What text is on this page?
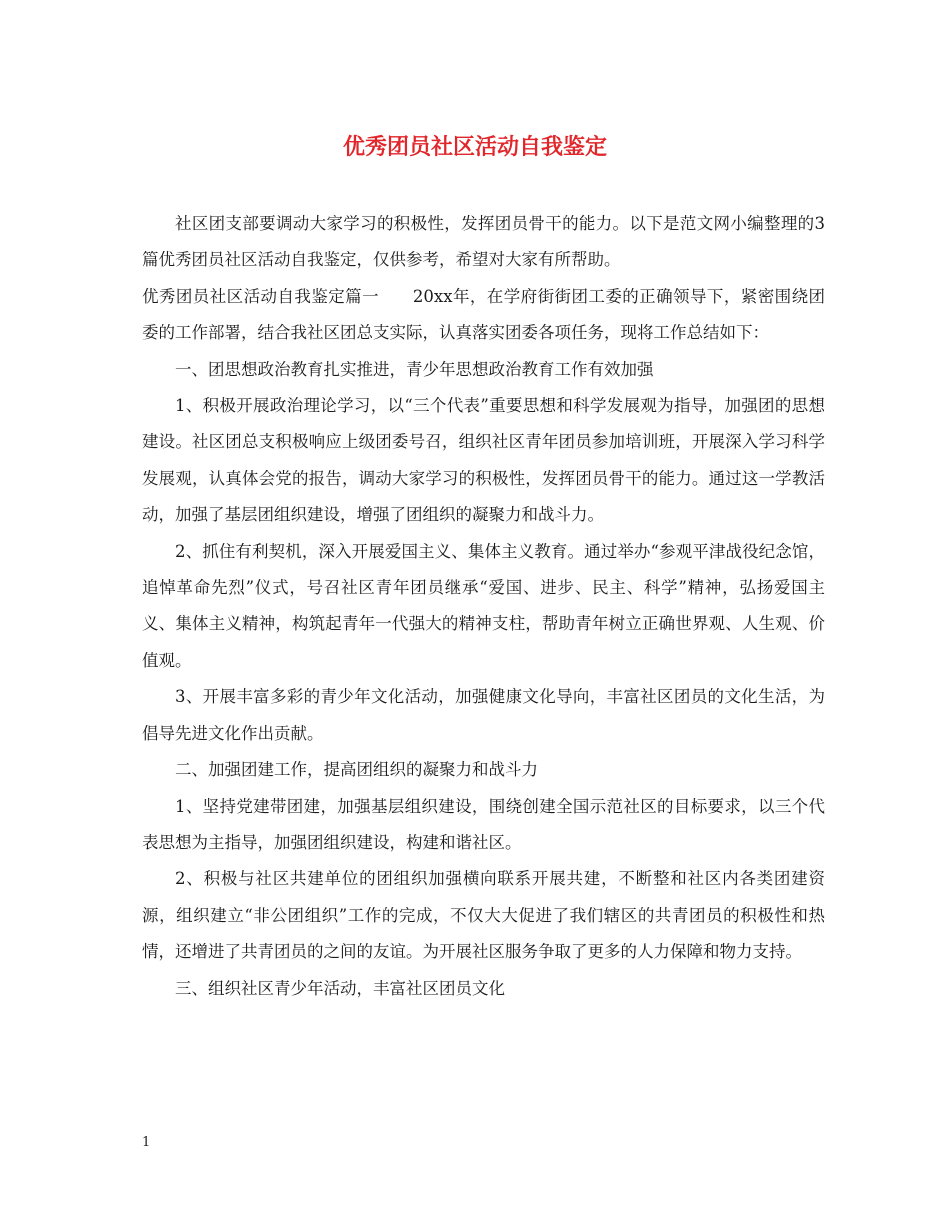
优秀团员社区活动自我鉴定

社区团支部要调动大家学习的积极性，发挥团员骨干的能力。以下是范文网小编整理的3篇优秀团员社区活动自我鉴定，仅供参考，希望对大家有所帮助。

优秀团员社区活动自我鉴定篇一　　20xx年，在学府街街团工委的正确领导下，紧密围绕团委的工作部署，结合我社区团总支实际，认真落实团委各项任务，现将工作总结如下：

一、团思想政治教育扎实推进，青少年思想政治教育工作有效加强

1、积极开展政治理论学习，以“三个代表”重要思想和科学发展观为指导，加强团的思想建设。社区团总支积极响应上级团委号召，组织社区青年团员参加培训班，开展深入学习科学发展观，认真体会党的报告，调动大家学习的积极性，发挥团员骨干的能力。通过这一学教活动，加强了基层团组织建设，增强了团组织的凝聚力和战斗力。

2、抓住有利契机，深入开展爱国主义、集体主义教育。通过举办“参观平津战役纪念馆，追悼革命先烈”仪式，号召社区青年团员继承“爱国、进步、民主、科学”精神，弘扬爱国主义、集体主义精神，构筑起青年一代强大的精神支柱，帮助青年树立正确世界观、人生观、价值观。

3、开展丰富多彩的青少年文化活动，加强健康文化导向，丰富社区团员的文化生活，为倡导先进文化作出贡献。

二、加强团建工作，提高团组织的凝聚力和战斗力

1、坚持党建带团建，加强基层组织建设，围绕创建全国示范社区的目标要求，以三个代表思想为主指导，加强团组织建设，构建和谐社区。

2、积极与社区共建单位的团组织加强横向联系开展共建，不断整和社区内各类团建资源，组织建立“非公团组织”工作的完成，不仅大大促进了我们辖区的共青团员的积极性和热情，还增进了共青团员的之间的友谊。为开展社区服务争取了更多的人力保障和物力支持。

三、组织社区青少年活动，丰富社区团员文化

1
